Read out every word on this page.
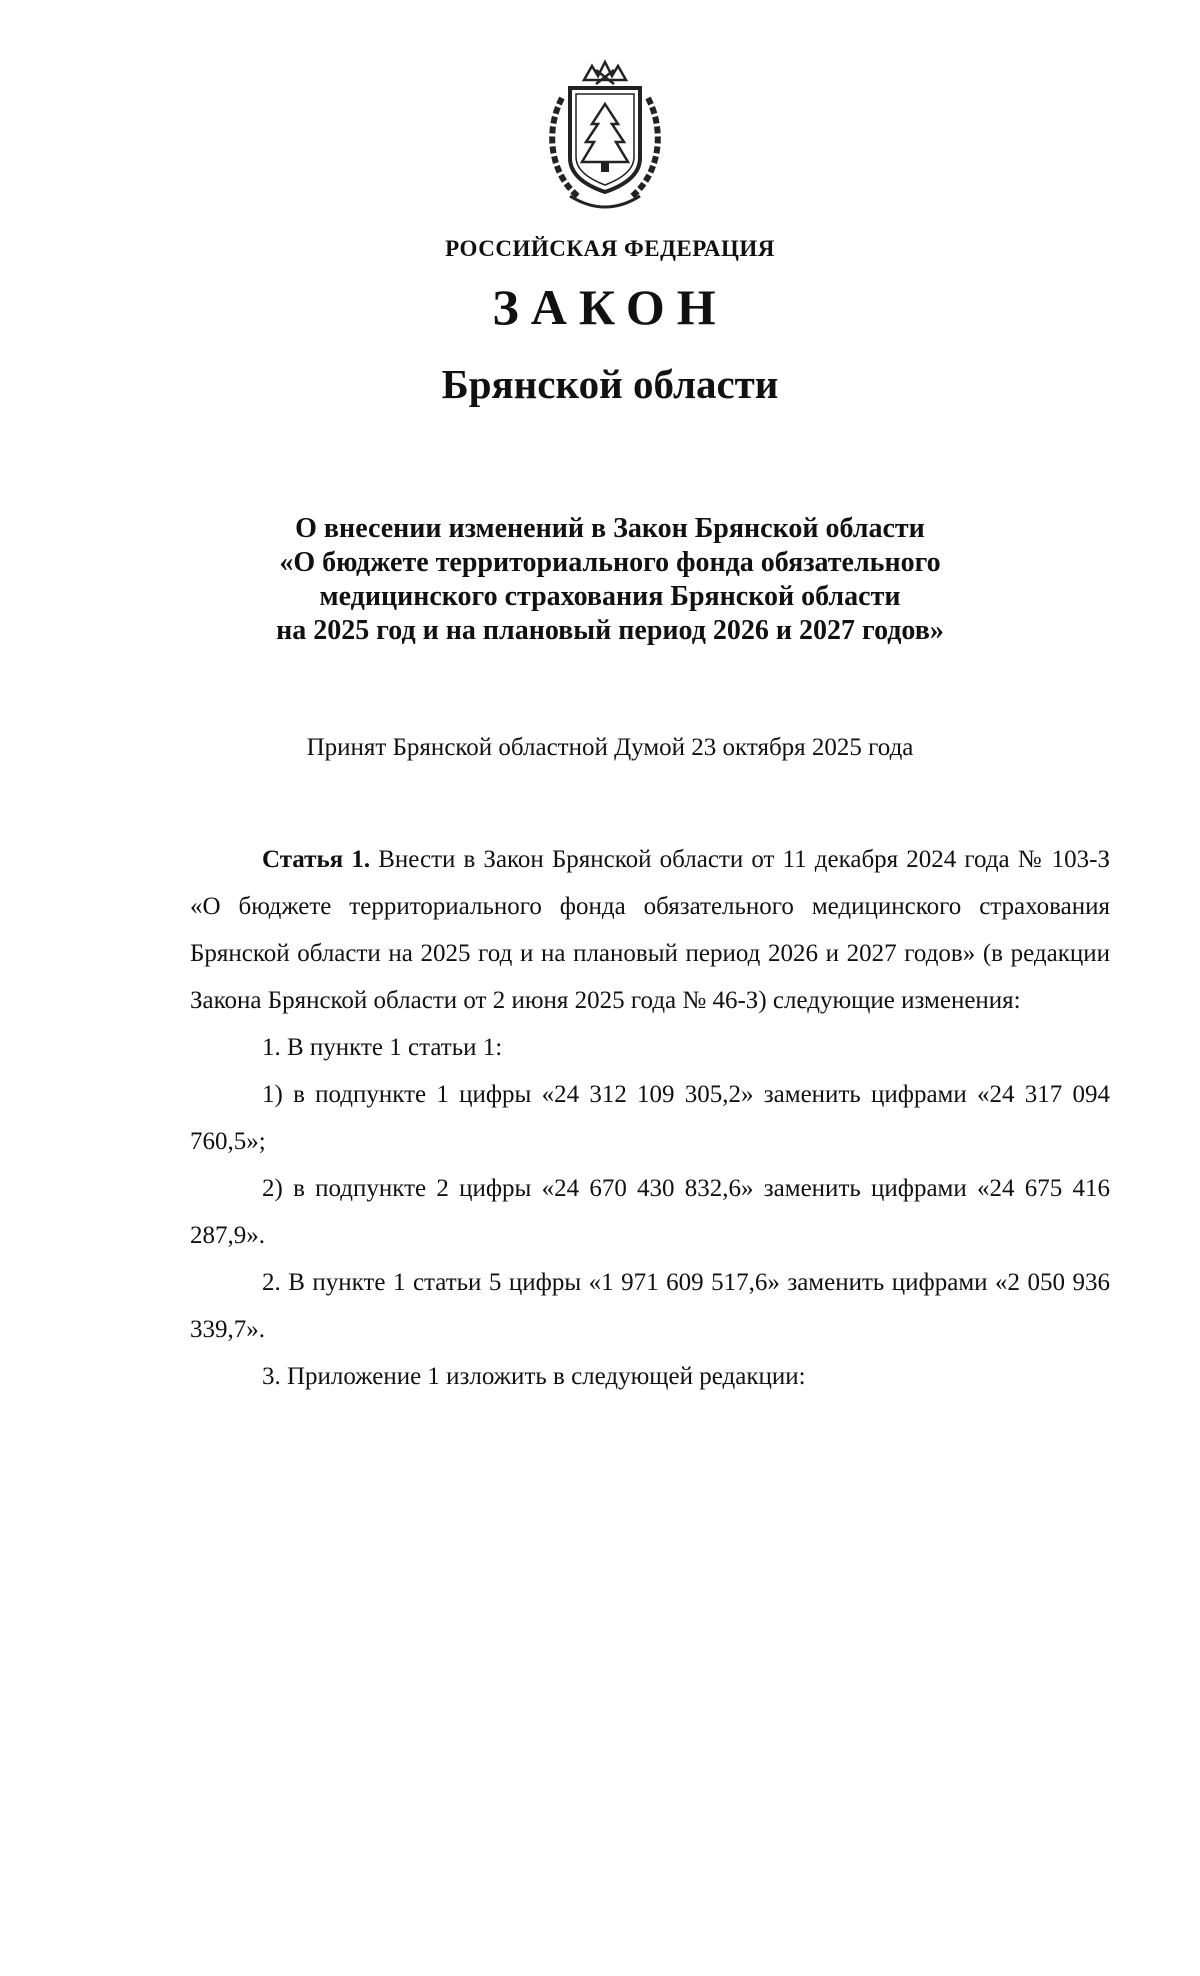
РОССИЙСКАЯ ФЕДЕРАЦИЯ
ЗАКОН
Брянской области
О внесении изменений в Закон Брянской области
«О бюджете территориального фонда обязательного
медицинского страхования Брянской области
на 2025 год и на плановый период 2026 и 2027 годов»
Принят Брянской областной Думой 23 октября 2025 года

Статья 1. Внести в Закон Брянской области от 11 декабря 2024 года № 103-З «О бюджете территориального фонда обязательного медицинского страхования Брянской области на 2025 год и на плановый период 2026 и 2027 годов» (в редакции Закона Брянской области от 2 июня 2025 года № 46-З) следующие изменения:

1. В пункте 1 статьи 1:

1) в подпункте 1 цифры «24 312 109 305,2» заменить цифрами «24 317 094 760,5»;

2) в подпункте 2 цифры «24 670 430 832,6» заменить цифрами «24 675 416 287,9».

2. В пункте 1 статьи 5 цифры «1 971 609 517,6» заменить цифрами «2 050 936 339,7».

3. Приложение 1 изложить в следующей редакции:
